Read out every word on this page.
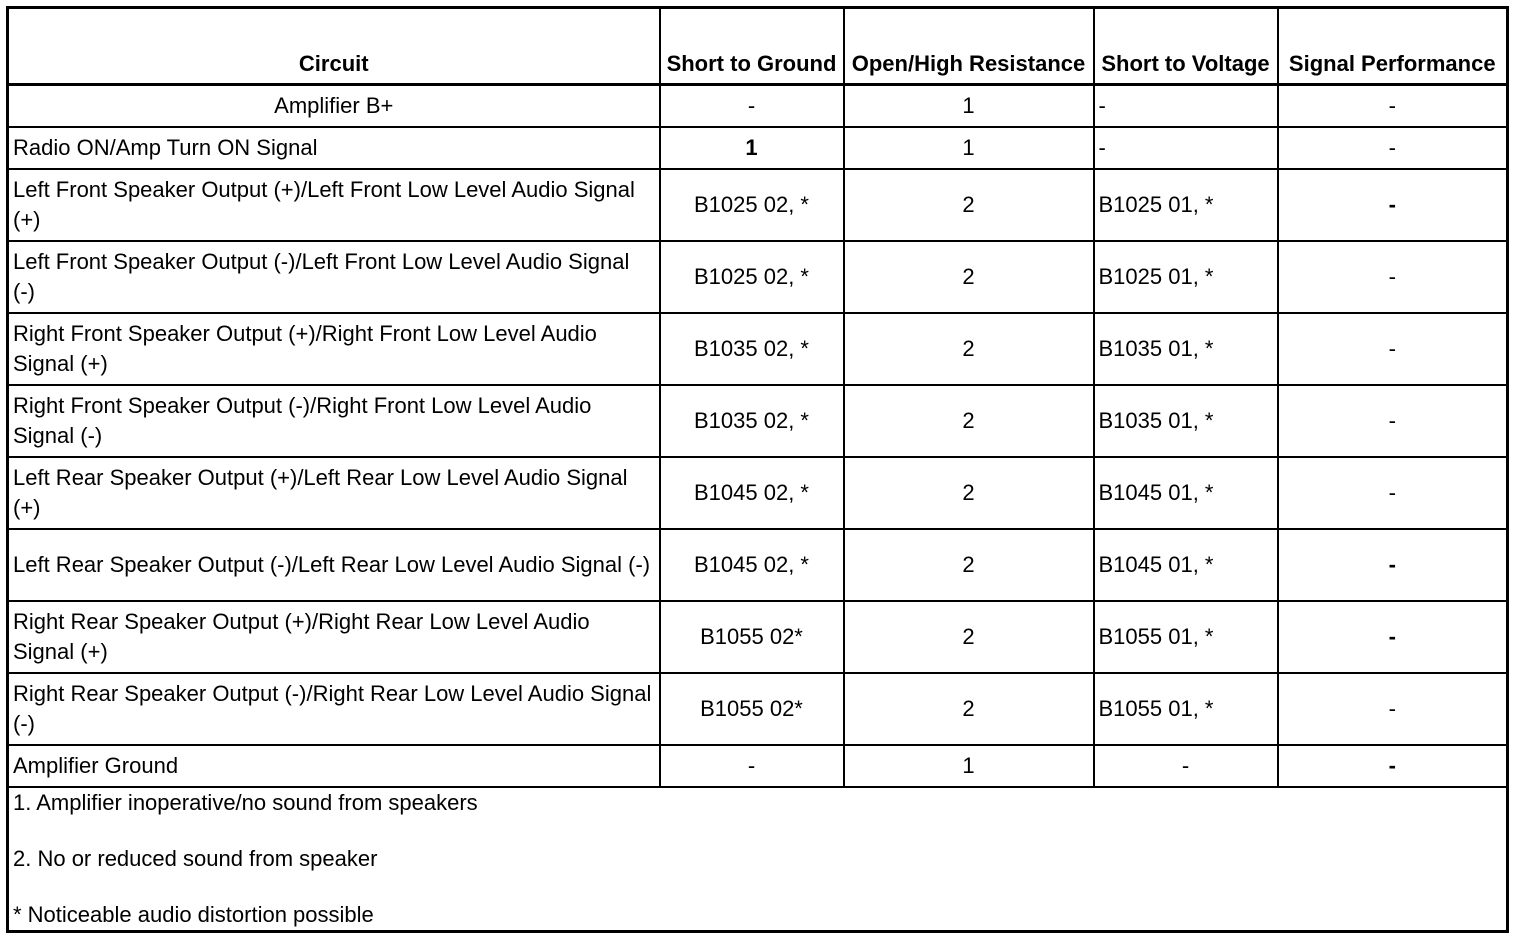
Circuit	Short to Ground	Open/High Resistance	Short to Voltage	Signal Performance
Amplifier B+	-	1	-	-
Radio ON/Amp Turn ON Signal	1	1	-	-
Left Front Speaker Output (+)/Left Front Low Level Audio Signal (+)	B1025 02, *	2	B1025 01, *	-
Left Front Speaker Output (-)/Left Front Low Level Audio Signal (-)	B1025 02, *	2	B1025 01, *	-
Right Front Speaker Output (+)/Right Front Low Level Audio Signal (+)	B1035 02, *	2	B1035 01, *	-
Right Front Speaker Output (-)/Right Front Low Level Audio Signal (-)	B1035 02, *	2	B1035 01, *	-
Left Rear Speaker Output (+)/Left Rear Low Level Audio Signal (+)	B1045 02, *	2	B1045 01, *	-
Left Rear Speaker Output (-)/Left Rear Low Level Audio Signal (-)	B1045 02, *	2	B1045 01, *	-
Right Rear Speaker Output (+)/Right Rear Low Level Audio Signal (+)	B1055 02*	2	B1055 01, *	-
Right Rear Speaker Output (-)/Right Rear Low Level Audio Signal (-)	B1055 02*	2	B1055 01, *	-
Amplifier Ground	-	1	-	-

1. Amplifier inoperative/no sound from speakers

2. No or reduced sound from speaker

* Noticeable audio distortion possible				
